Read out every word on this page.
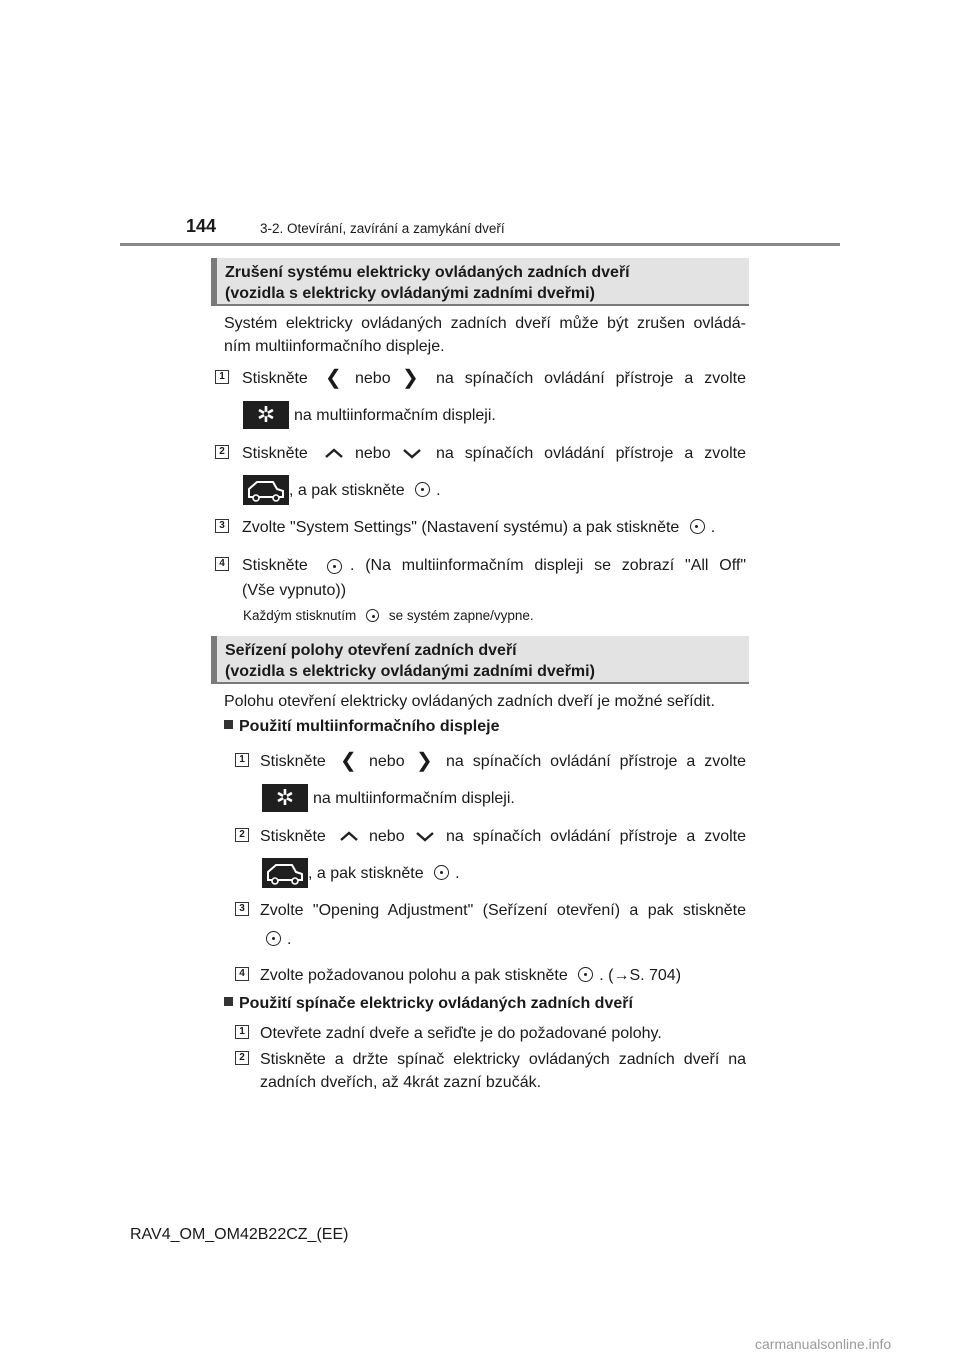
144	3-2. Otevírání, zavírání a zamykání dveří
Zrušení systému elektricky ovládaných zadních dveří
(vozidla s elektricky ovládanými zadními dveřmi)
Systém elektricky ovládaných zadních dveří může být zrušen ovládá-
ním multiinformačního displeje.
1 Stiskněte ❮ nebo ❯ na spínačích ovládání přístroje a zvolte
✲	na multiinformačním displeji.
2 Stiskněte	nebo	na spínačích ovládání přístroje a zvolte
, a pak stiskněte .
3 Zvolte "System Settings" (Nastavení systému) a pak stiskněte .
4 Stiskněte	. (Na multiinformačním displeji se zobrazí "All Off"
(Vše vypnuto))
Každým stisknutím se systém zapne/vypne.
Seřízení polohy otevření zadních dveří
(vozidla s elektricky ovládanými zadními dveřmi)
Polohu otevření elektricky ovládaných zadních dveří je možné seřídit.
Použití multiinformačního displeje
1 Stiskněte ❮ nebo ❯ na spínačích ovládání přístroje a zvolte
✲	na multiinformačním displeji.
2 Stiskněte	nebo	na spínačích ovládání přístroje a zvolte
, a pak stiskněte .
3 Zvolte "Opening Adjustment" (Seřízení otevření) a pak stiskněte
.
4 Zvolte požadovanou polohu a pak stiskněte . (→S. 704)
Použití spínače elektricky ovládaných zadních dveří
1 Otevřete zadní dveře a seřiďte je do požadované polohy.
2 Stiskněte a držte spínač elektricky ovládaných zadních dveří na
zadních dveřích, až 4krát zazní bzučák.
RAV4_OM_OM42B22CZ_(EE)
carmanualsonline.info
